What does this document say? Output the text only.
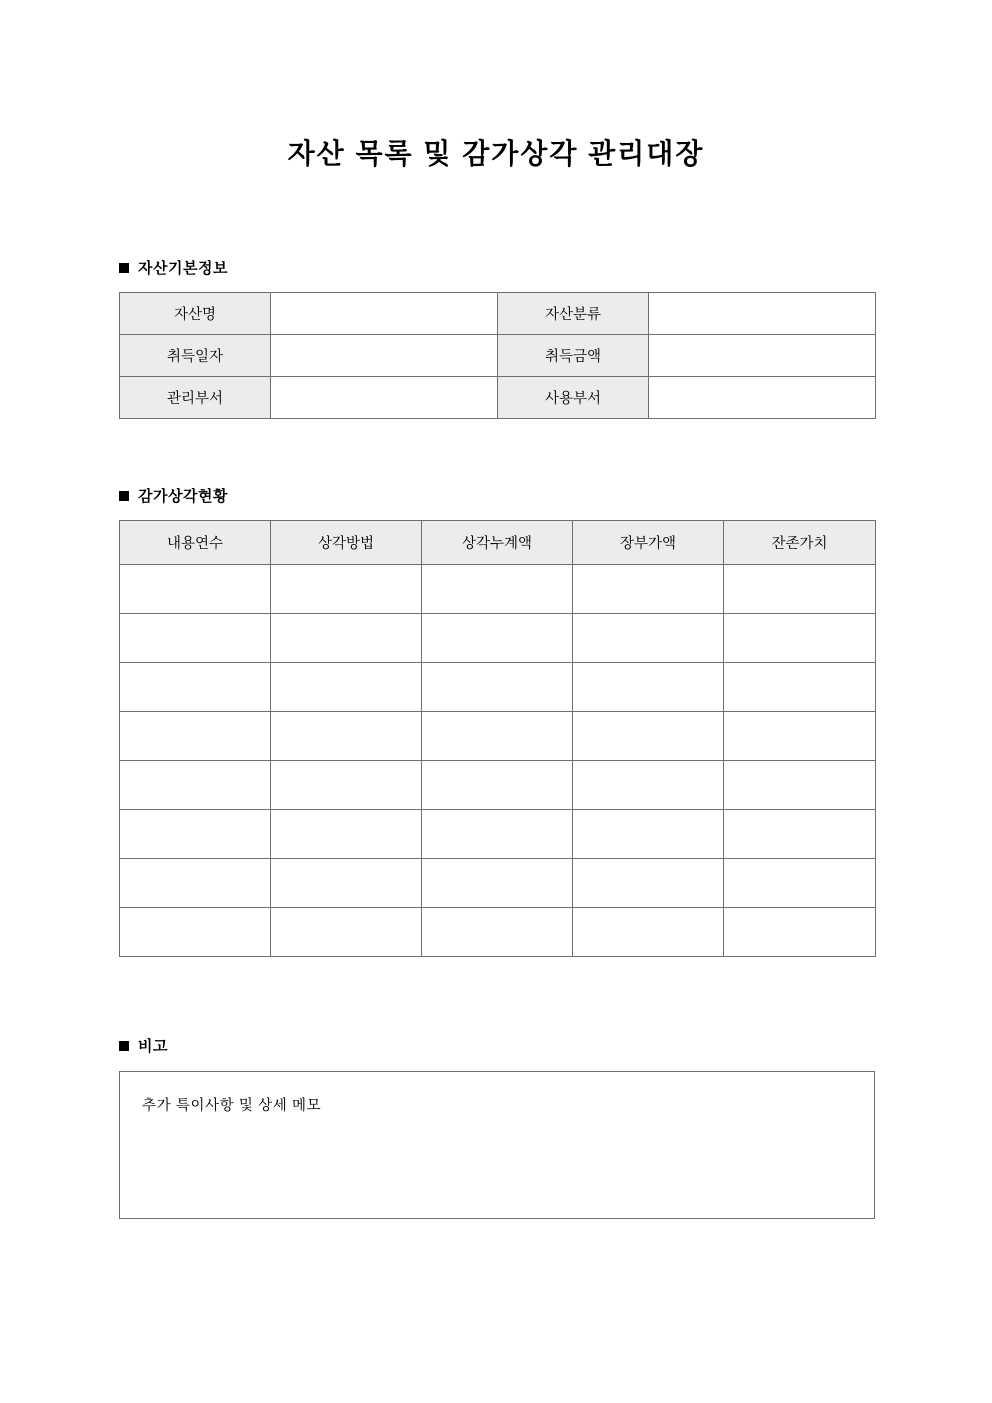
자산 목록 및 감가상각 관리대장
자산기본정보
자산명		자산분류	
취득일자		취득금액	
관리부서		사용부서	
감가상각현황
내용연수	상각방법	상각누계액	장부가액	잔존가치

비고
추가 특이사항 및 상세 메모
